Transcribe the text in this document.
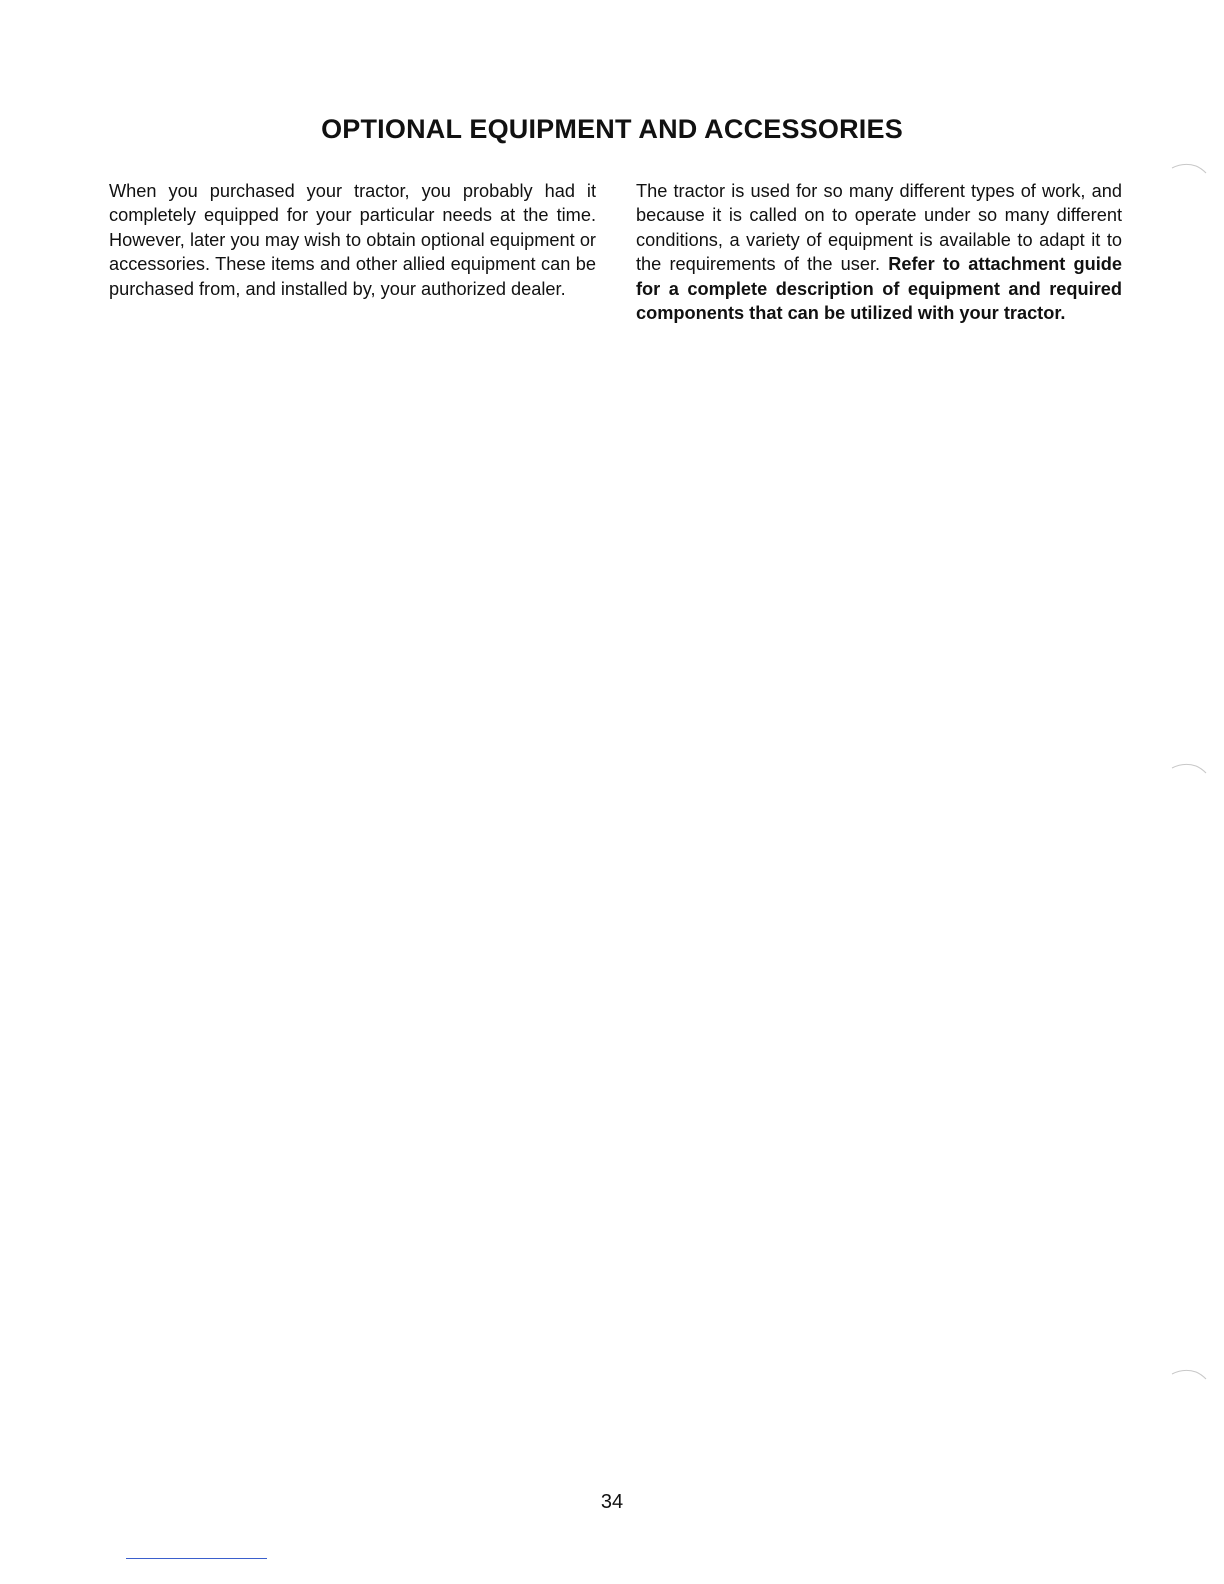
OPTIONAL EQUIPMENT AND ACCESSORIES

When you purchased your tractor, you probably had it completely equipped for your particular needs at the time. However, later you may wish to obtain optional equipment or accessories. These items and other allied equipment can be purchased from, and installed by, your authorized dealer.

The tractor is used for so many different types of work, and because it is called on to operate under so many different conditions, a variety of equipment is available to adapt it to the requirements of the user. Refer to attachment guide for a complete description of equipment and required components that can be utilized with your tractor.

34
